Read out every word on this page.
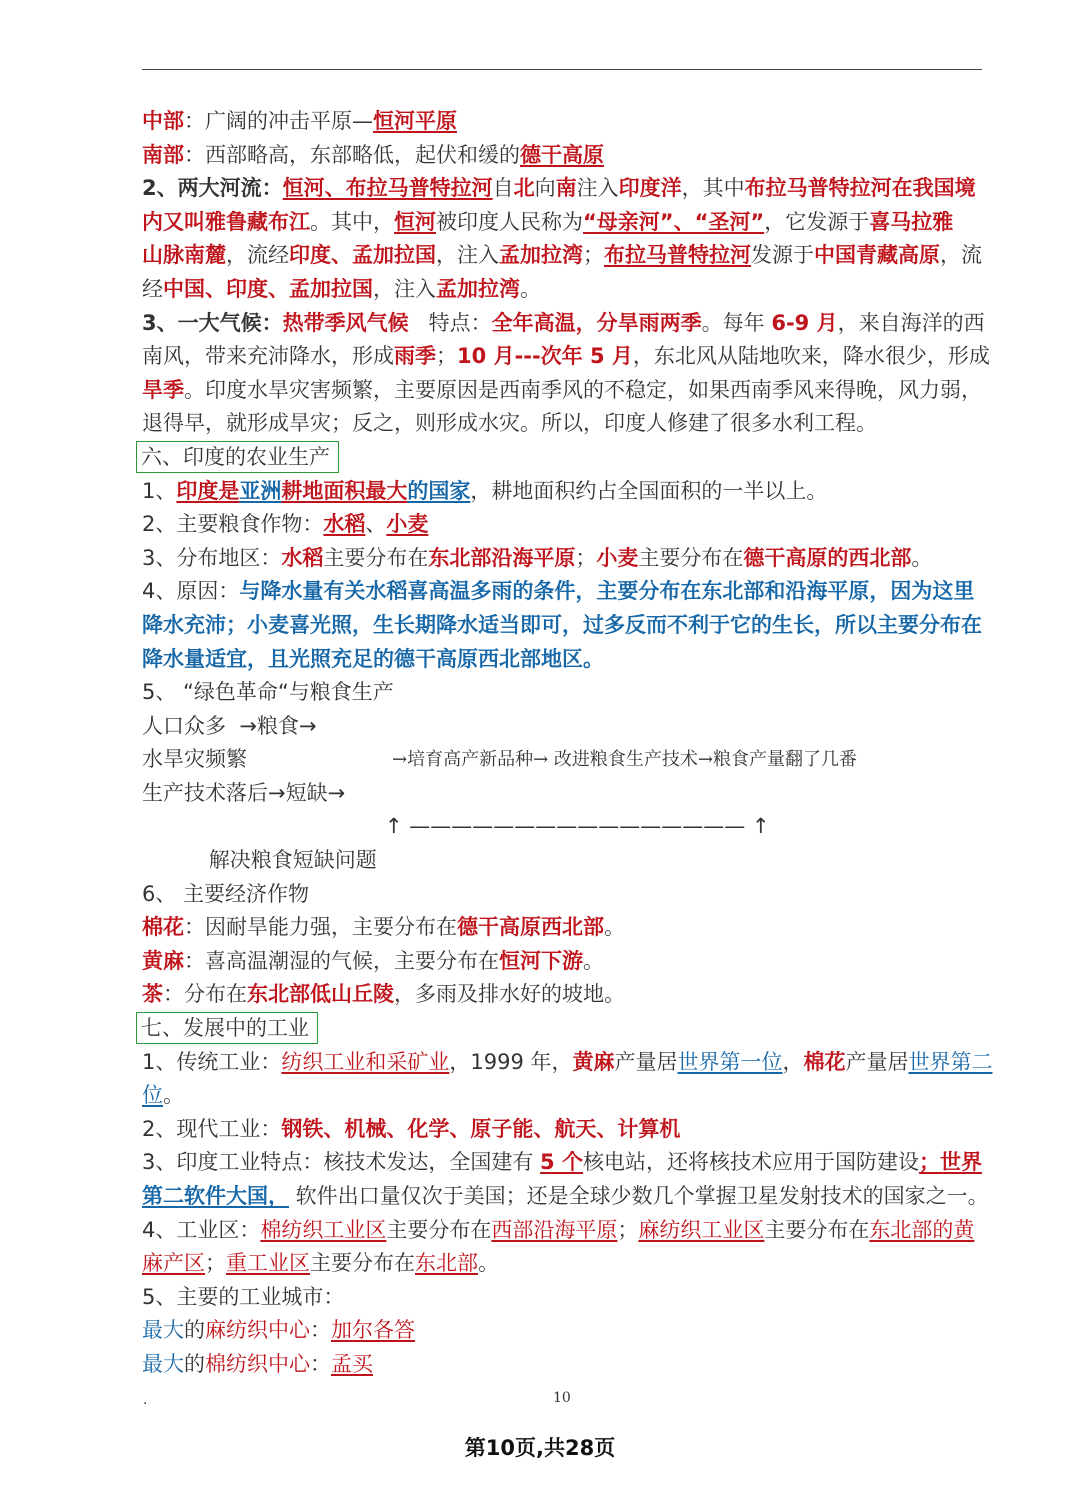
中部：广阔的冲击平原—恒河平原
南部：西部略高，东部略低，起伏和缓的德干高原
2、两大河流：恒河、布拉马普特拉河自北向南注入印度洋，其中布拉马普特拉河在我国境
内又叫雅鲁藏布江。其中，恒河被印度人民称为“母亲河”、“圣河”，它发源于喜马拉雅
山脉南麓，流经印度、孟加拉国，注入孟加拉湾；布拉马普特拉河发源于中国青藏高原，流
经中国、印度、孟加拉国，注入孟加拉湾。
3、一大气候：热带季风气候   特点：全年高温，分旱雨两季。每年 6-9 月，来自海洋的西
南风，带来充沛降水，形成雨季；10 月---次年 5 月，东北风从陆地吹来，降水很少，形成
旱季。印度水旱灾害频繁，主要原因是西南季风的不稳定，如果西南季风来得晚，风力弱，
退得早，就形成旱灾；反之，则形成水灾。所以，印度人修建了很多水利工程。
六、印度的农业生产
1、印度是亚洲耕地面积最大的国家，耕地面积约占全国面积的一半以上。
2、主要粮食作物：水稻、小麦
3、分布地区：水稻主要分布在东北部沿海平原；小麦主要分布在德干高原的西北部。
4、原因：与降水量有关水稻喜高温多雨的条件，主要分布在东北部和沿海平原，因为这里
降水充沛；小麦喜光照，生长期降水适当即可，过多反而不利于它的生长，所以主要分布在
降水量适宜，且光照充足的德干高原西北部地区。
5、 “绿色革命“与粮食生产
人口众多  →粮食→
水旱灾频繁	→培育高产新品种→ 改进粮食生产技术→粮食产量翻了几番
生产技术落后→短缺→
↑ ———————————————— ↑
解决粮食短缺问题
6、 主要经济作物
棉花：因耐旱能力强，主要分布在德干高原西北部。
黄麻：喜高温潮湿的气候，主要分布在恒河下游。
茶：分布在东北部低山丘陵，多雨及排水好的坡地。
七、发展中的工业
1、传统工业：纺织工业和采矿业，1999 年，黄麻产量居世界第一位，棉花产量居世界第二
位。
2、现代工业：钢铁、机械、化学、原子能、航天、计算机
3、印度工业特点：核技术发达，全国建有 5 个核电站，还将核技术应用于国防建设；世界
第二软件大国， 软件出口量仅次于美国；还是全球少数几个掌握卫星发射技术的国家之一。
4、工业区：棉纺织工业区主要分布在西部沿海平原；麻纺织工业区主要分布在东北部的黄
麻产区；重工业区主要分布在东北部。
5、主要的工业城市：
最大的麻纺织中心：加尔各答
最大的棉纺织中心：孟买
.	10
第10页,共28页
